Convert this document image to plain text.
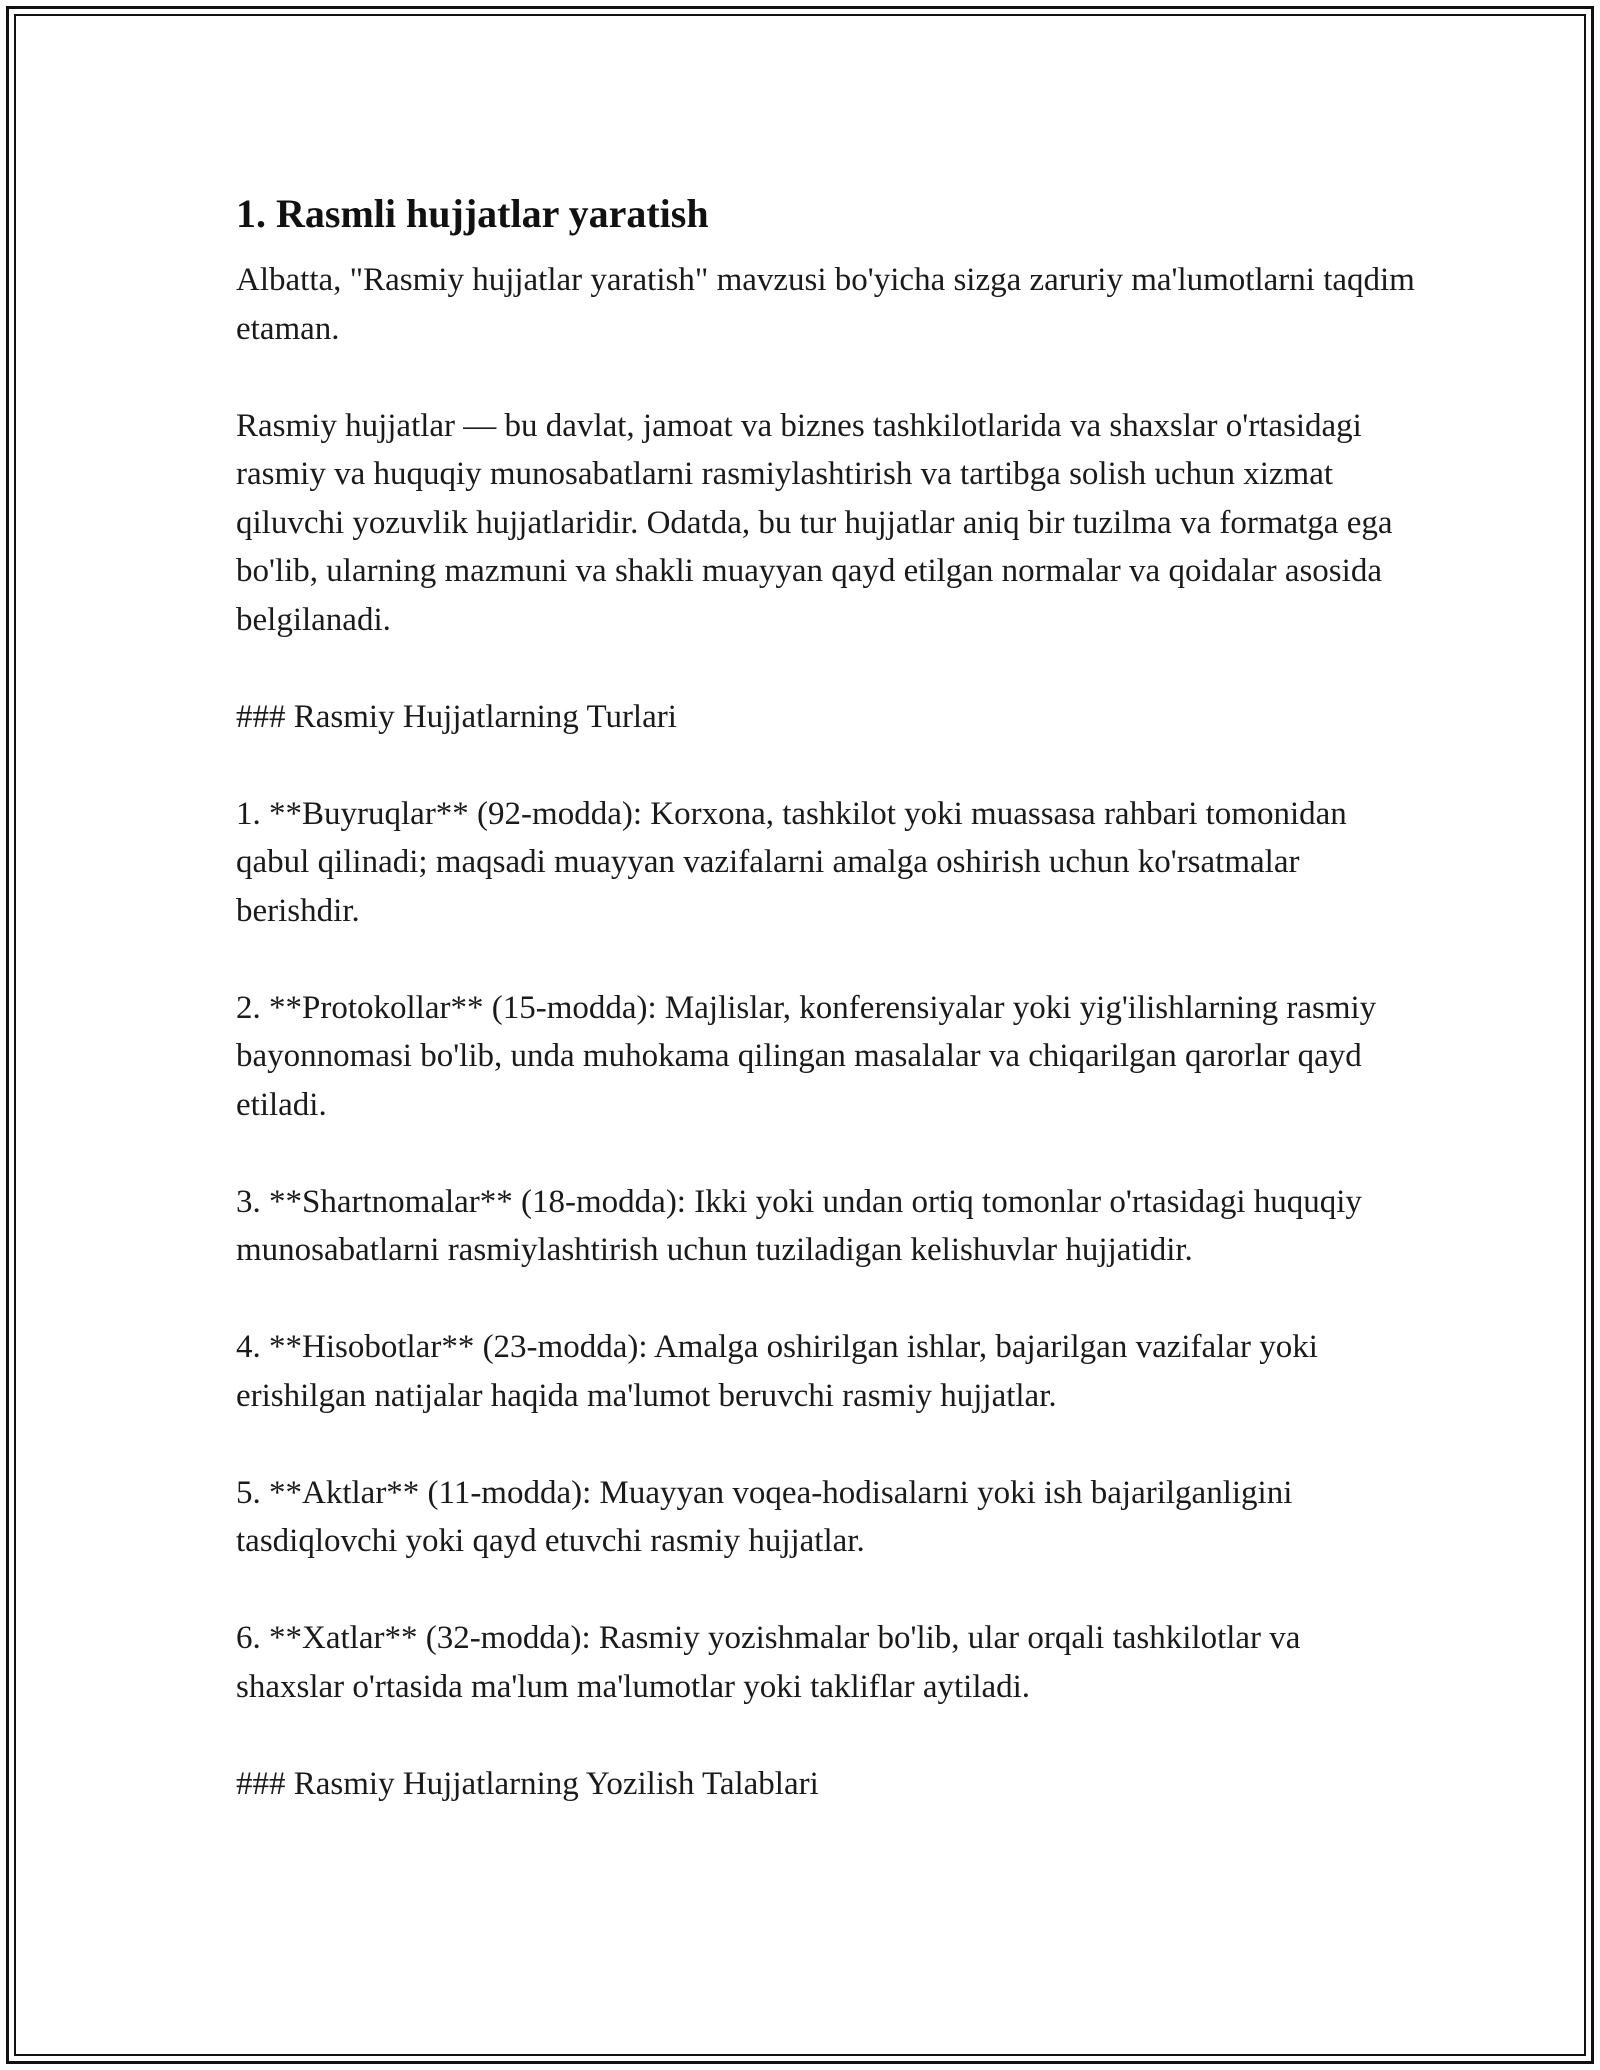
1. Rasmli hujjatlar yaratish

Albatta, "Rasmiy hujjatlar yaratish" mavzusi bo'yicha sizga zaruriy ma'lumotlarni taqdim etaman.

Rasmiy hujjatlar — bu davlat, jamoat va biznes tashkilotlarida va shaxslar o'rtasidagi rasmiy va huquqiy munosabatlarni rasmiylashtirish va tartibga solish uchun xizmat qiluvchi yozuvlik hujjatlaridir. Odatda, bu tur hujjatlar aniq bir tuzilma va formatga ega bo'lib, ularning mazmuni va shakli muayyan qayd etilgan normalar va qoidalar asosida belgilanadi.

### Rasmiy Hujjatlarning Turlari

1. **Buyruqlar** (92-modda): Korxona, tashkilot yoki muassasa rahbari tomonidan qabul qilinadi; maqsadi muayyan vazifalarni amalga oshirish uchun ko'rsatmalar berishdir.

2. **Protokollar** (15-modda): Majlislar, konferensiyalar yoki yig'ilishlarning rasmiy bayonnomasi bo'lib, unda muhokama qilingan masalalar va chiqarilgan qarorlar qayd etiladi.

3. **Shartnomalar** (18-modda): Ikki yoki undan ortiq tomonlar o'rtasidagi huquqiy munosabatlarni rasmiylashtirish uchun tuziladigan kelishuvlar hujjatidir.

4. **Hisobotlar** (23-modda): Amalga oshirilgan ishlar, bajarilgan vazifalar yoki erishilgan natijalar haqida ma'lumot beruvchi rasmiy hujjatlar.

5. **Aktlar** (11-modda): Muayyan voqea-hodisalarni yoki ish bajarilganligini tasdiqlovchi yoki qayd etuvchi rasmiy hujjatlar.

6. **Xatlar** (32-modda): Rasmiy yozishmalar bo'lib, ular orqali tashkilotlar va shaxslar o'rtasida ma'lum ma'lumotlar yoki takliflar aytiladi.

### Rasmiy Hujjatlarning Yozilish Talablari
